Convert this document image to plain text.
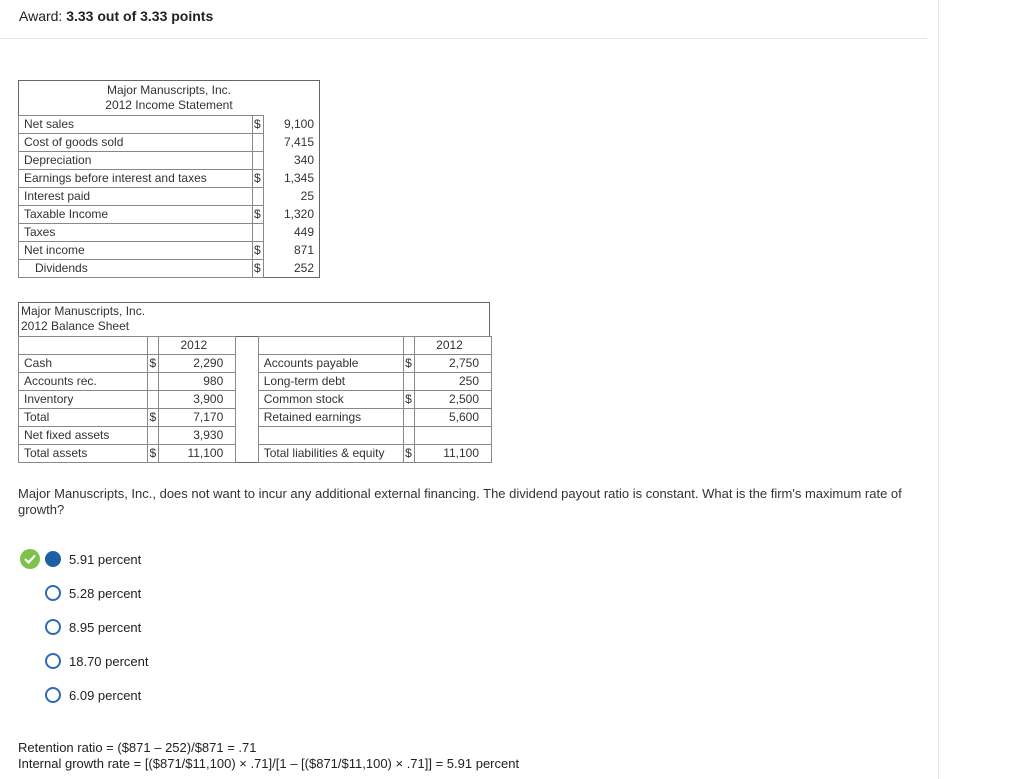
Award: 3.33 out of 3.33 points
Major Manuscripts, Inc.
2012 Income Statement		

Net sales	$	9,100
Cost of goods sold		7,415
Depreciation		340
Earnings before interest and taxes	$	1,345
Interest paid		25
Taxable Income	$	1,320
Taxes		449
Net income	$	871
Dividends	$	252
Major Manuscripts, Inc.
2012 Balance Sheet
		2012				2012
Cash	$	2,290		Accounts payable	$	2,750
Accounts rec.		980		Long-term debt		250
Inventory		3,900		Common stock	$	2,500
Total	$	7,170		Retained earnings		5,600
Net fixed assets		3,930				
Total assets	$	11,100		Total liabilities & equity	$	11,100
Major Manuscripts, Inc., does not want to incur any additional external financing. The dividend payout ratio is constant. What is the firm's maximum rate of growth?
5.91 percent
5.28 percent
8.95 percent
18.70 percent
6.09 percent
Retention ratio = ($871 – 252)/$871 = .71
Internal growth rate = [($871/$11,100) × .71]/[1 – [($871/$11,100) × .71]] = 5.91 percent
